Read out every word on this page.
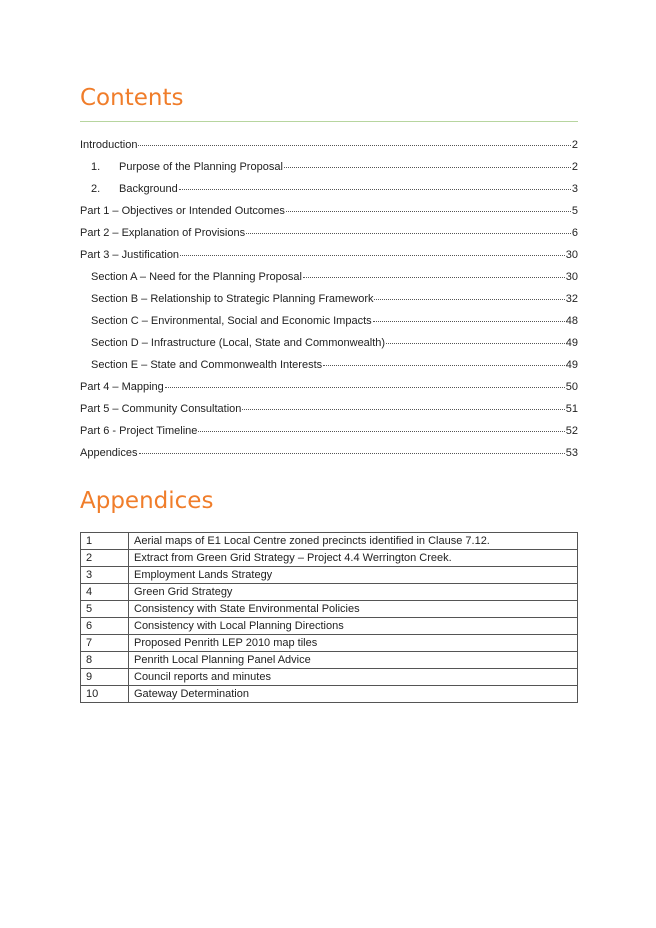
Contents
Introduction	2
1.	Purpose of the Planning Proposal	2
2.	Background	3
Part 1 – Objectives or Intended Outcomes	5
Part 2 – Explanation of Provisions	6
Part 3 – Justification	30
Section A – Need for the Planning Proposal	30
Section B – Relationship to Strategic Planning Framework	32
Section C – Environmental, Social and Economic Impacts	48
Section D – Infrastructure (Local, State and Commonwealth)	49
Section E – State and Commonwealth Interests	49
Part 4 – Mapping	50
Part 5 – Community Consultation	51
Part 6 - Project Timeline	52
Appendices	53
Appendices
1	Aerial maps of E1 Local Centre zoned precincts identified in Clause 7.12.
2	Extract from Green Grid Strategy – Project 4.4 Werrington Creek.
3	Employment Lands Strategy
4	Green Grid Strategy
5	Consistency with State Environmental Policies
6	Consistency with Local Planning Directions
7	Proposed Penrith LEP 2010 map tiles
8	Penrith Local Planning Panel Advice
9	Council reports and minutes
10	Gateway Determination
